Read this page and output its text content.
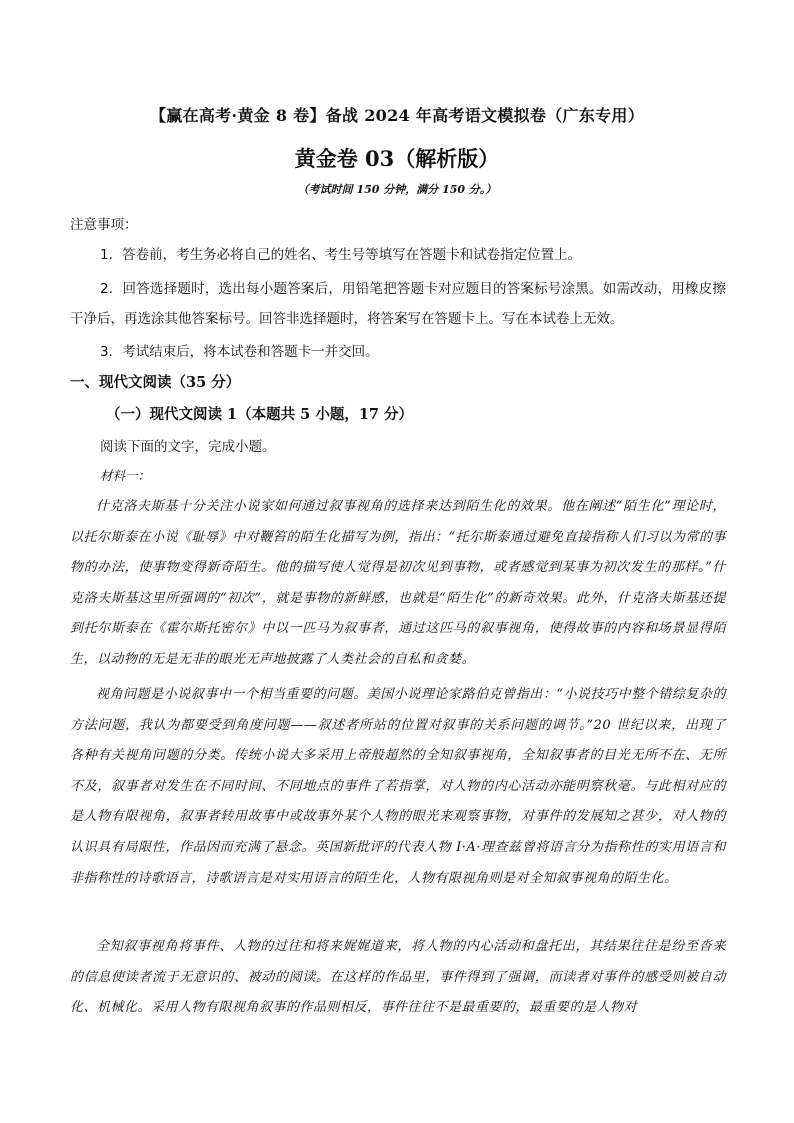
【赢在高考·黄金 8 卷】备战 2024 年高考语文模拟卷（广东专用）
黄金卷 03（解析版）
（考试时间 150 分钟，满分 150 分。）
注意事项：
1．答卷前，考生务必将自己的姓名、考生号等填写在答题卡和试卷指定位置上。
2．回答选择题时，选出每小题答案后，用铅笔把答题卡对应题目的答案标号涂黑。如需改动，用橡皮擦干净后，再选涂其他答案标号。回答非选择题时，将答案写在答题卡上。写在本试卷上无效。
3．考试结束后，将本试卷和答题卡一并交回。
一、现代文阅读（35 分）
（一）现代文阅读 1（本题共 5 小题，17 分）
阅读下面的文字，完成小题。
材料一：
什克洛夫斯基十分关注小说家如何通过叙事视角的选择来达到陌生化的效果。他在阐述“陌生化”理论时，以托尔斯泰在小说《耻辱》中对鞭笞的陌生化描写为例，指出：“托尔斯泰通过避免直接指称人们习以为常的事物的办法，使事物变得新奇陌生。他的描写使人觉得是初次见到事物，或者感觉到某事为初次发生的那样。”什克洛夫斯基这里所强调的“初次”，就是事物的新鲜感，也就是“陌生化”的新奇效果。此外，什克洛夫斯基还提到托尔斯泰在《霍尔斯托密尔》中以一匹马为叙事者，通过这匹马的叙事视角，使得故事的内容和场景显得陌生，以动物的无是无非的眼光无声地披露了人类社会的自私和贪婪。
视角问题是小说叙事中一个相当重要的问题。美国小说理论家路伯克曾指出：“小说技巧中整个错综复杂的方法问题，我认为都要受到角度问题——叙述者所站的位置对叙事的关系问题的调节。”20 世纪以来，出现了各种有关视角问题的分类。传统小说大多采用上帝般超然的全知叙事视角，全知叙事者的目光无所不在、无所不及，叙事者对发生在不同时间、不同地点的事件了若指掌，对人物的内心活动亦能明察秋毫。与此相对应的是人物有限视角，叙事者转用故事中或故事外某个人物的眼光来观察事物，对事件的发展知之甚少，对人物的认识具有局限性，作品因而充满了悬念。英国新批评的代表人物 I·A·理查兹曾将语言分为指称性的实用语言和非指称性的诗歌语言，诗歌语言是对实用语言的陌生化，人物有限视角则是对全知叙事视角的陌生化。
全知叙事视角将事件、人物的过往和将来娓娓道来，将人物的内心活动和盘托出，其结果往往是纷至沓来的信息使读者流于无意识的、被动的阅读。在这样的作品里，事件得到了强调，而读者对事件的感受则被自动化、机械化。采用人物有限视角叙事的作品则相反，事件往往不是最重要的，最重要的是人物对
